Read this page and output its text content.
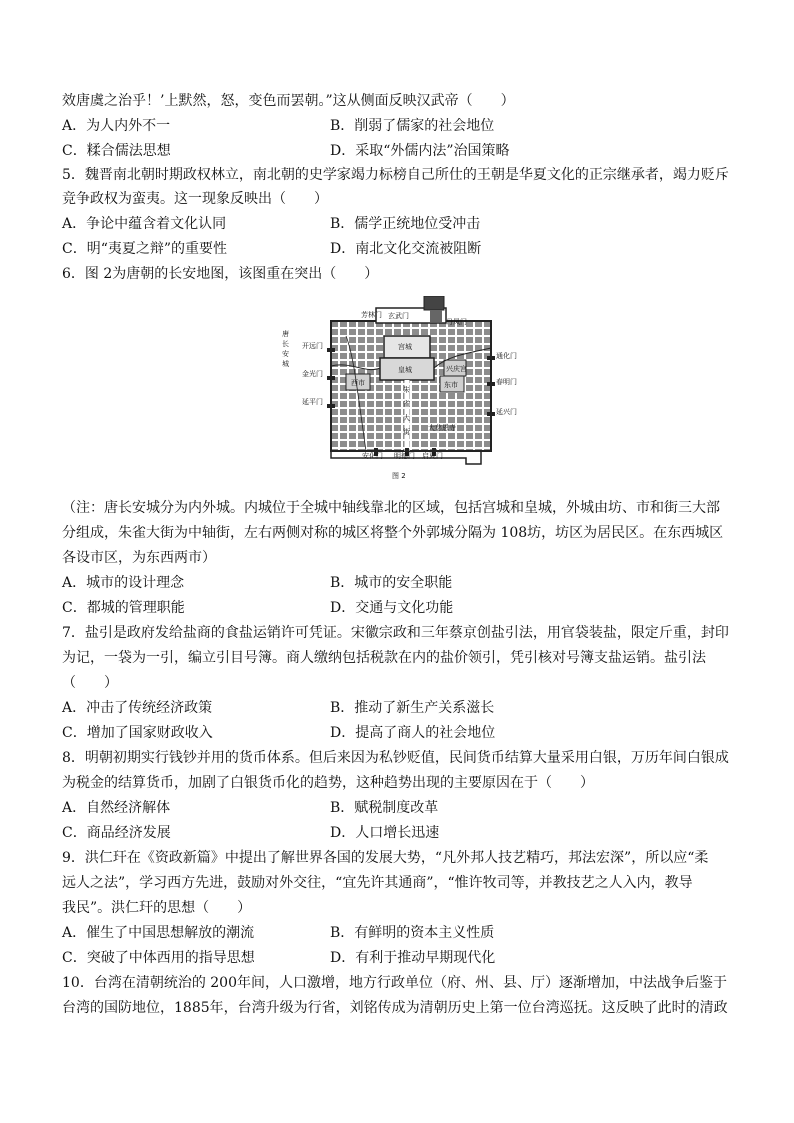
效唐虞之治乎！’上默然，怒，变色而罢朝。”这从侧面反映汉武帝（　　）
A．为人内外不一	B．削弱了儒家的社会地位
C．糅合儒法思想	D．采取“外儒内法”治国策略
5．魏晋南北朝时期政权林立，南北朝的史学家竭力标榜自己所仕的王朝是华夏文化的正宗继承者，竭力贬斥
竞争政权为蛮夷。这一现象反映出（　　）
A．争论中蕴含着文化认同	B．儒学正统地位受冲击
C．明“夷夏之辩”的重要性	D．南北文化交流被阻断
6．图 2为唐朝的长安地图，该图重在突出（　　）
唐
长
安
城
芳林门 玄武门
丹凤门
开远门
金光门
延平门
通化门
春明门
延兴门
安化门 明德门 启夏门
宫城
皇城	兴庆宫
西市	东市
朱
雀
大
街	大慈恩寺
图 2
（注：唐长安城分为内外城。内城位于全城中轴线靠北的区域，包括宫城和皇城，外城由坊、市和街三大部
分组成，朱雀大街为中轴街，左右两侧对称的城区将整个外郭城分隔为 108坊，坊区为居民区。在东西城区
各设市区，为东西两市）
A．城市的设计理念	B．城市的安全职能
C．都城的管理职能	D．交通与文化功能
7．盐引是政府发给盐商的食盐运销许可凭证。宋徽宗政和三年蔡京创盐引法，用官袋装盐，限定斤重，封印
为记，一袋为一引，编立引目号簿。商人缴纳包括税款在内的盐价领引，凭引核对号簿支盐运销。盐引法
（　　）
A．冲击了传统经济政策	B．推动了新生产关系滋长
C．增加了国家财政收入	D．提高了商人的社会地位
8．明朝初期实行钱钞并用的货币体系。但后来因为私钞贬值，民间货币结算大量采用白银，万历年间白银成
为税金的结算货币，加剧了白银货币化的趋势，这种趋势出现的主要原因在于（　　）
A．自然经济解体	B．赋税制度改革
C．商品经济发展	D．人口增长迅速
9．洪仁玕在《资政新篇》中提出了解世界各国的发展大势，“凡外邦人技艺精巧，邦法宏深”，所以应“柔
远人之法”，学习西方先进，鼓励对外交往，“宜先许其通商”，“惟许牧司等，并教技艺之人入内，教导
我民”。洪仁玕的思想（　　）
A．催生了中国思想解放的潮流	B．有鲜明的资本主义性质
C．突破了中体西用的指导思想	D．有利于推动早期现代化
10．台湾在清朝统治的 200年间，人口激增，地方行政单位（府、州、县、厅）逐渐增加，中法战争后鉴于
台湾的国防地位，1885年，台湾升级为行省，刘铭传成为清朝历史上第一位台湾巡抚。这反映了此时的清政
